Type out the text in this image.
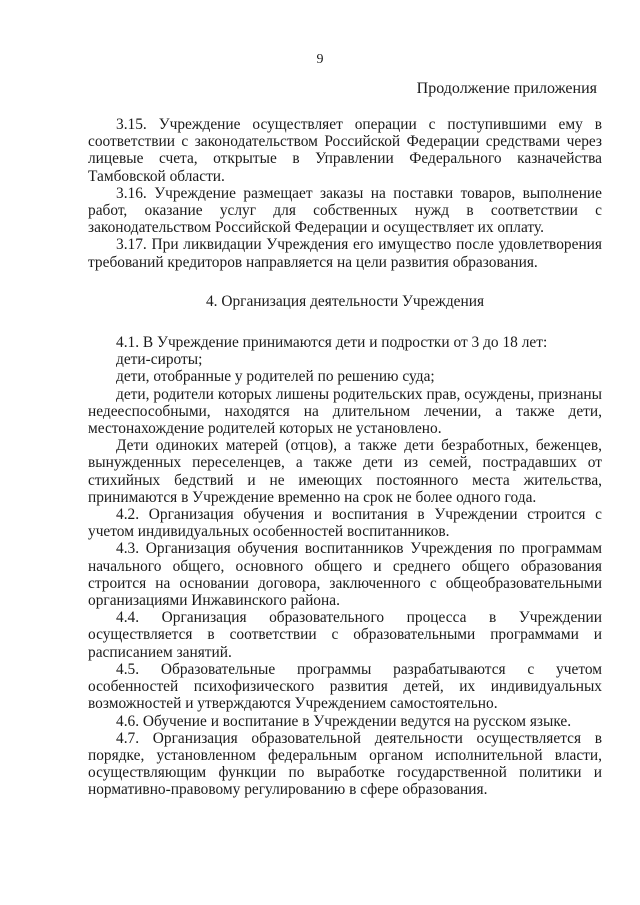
9
Продолжение приложения

3.15. Учреждение осуществляет операции с поступившими ему в соответствии с законодательством Российской Федерации средствами через лицевые счета, открытые в Управлении Федерального казначейства Тамбовской области.

3.16. Учреждение размещает заказы на поставки товаров, выполнение работ, оказание услуг для собственных нужд в соответствии с законодательством Российской Федерации и осуществляет их оплату.

3.17. При ликвидации Учреждения его имущество после удовлетворения требований кредиторов направляется на цели развития образования.

4. Организация деятельности Учреждения

4.1. В Учреждение принимаются дети и подростки от 3 до 18 лет:

дети-сироты;

дети, отобранные у родителей по решению суда;

дети, родители которых лишены родительских прав, осуждены, признаны недееспособными, находятся на длительном лечении, а также дети, местонахождение родителей которых не установлено.

Дети одиноких матерей (отцов), а также дети безработных, беженцев, вынужденных переселенцев, а также дети из семей, пострадавших от стихийных бедствий и не имеющих постоянного места жительства, принимаются в Учреждение временно на срок не более одного года.

4.2. Организация обучения и воспитания в Учреждении строится с учетом индивидуальных особенностей воспитанников.

4.3. Организация обучения воспитанников Учреждения по программам начального общего, основного общего и среднего общего образования строится на основании договора, заключенного с общеобразовательными организациями Инжавинского района.

4.4. Организация образовательного процесса в Учреждении осуществляется в соответствии с образовательными программами и расписанием занятий.

4.5. Образовательные программы разрабатываются с учетом особенностей психофизического развития детей, их индивидуальных возможностей и утверждаются Учреждением самостоятельно.

4.6. Обучение и воспитание в Учреждении ведутся на русском языке.

4.7. Организация образовательной деятельности осуществляется в порядке, установленном федеральным органом исполнительной власти, осуществляющим функции по выработке государственной политики и нормативно-правовому регулированию в сфере образования.
